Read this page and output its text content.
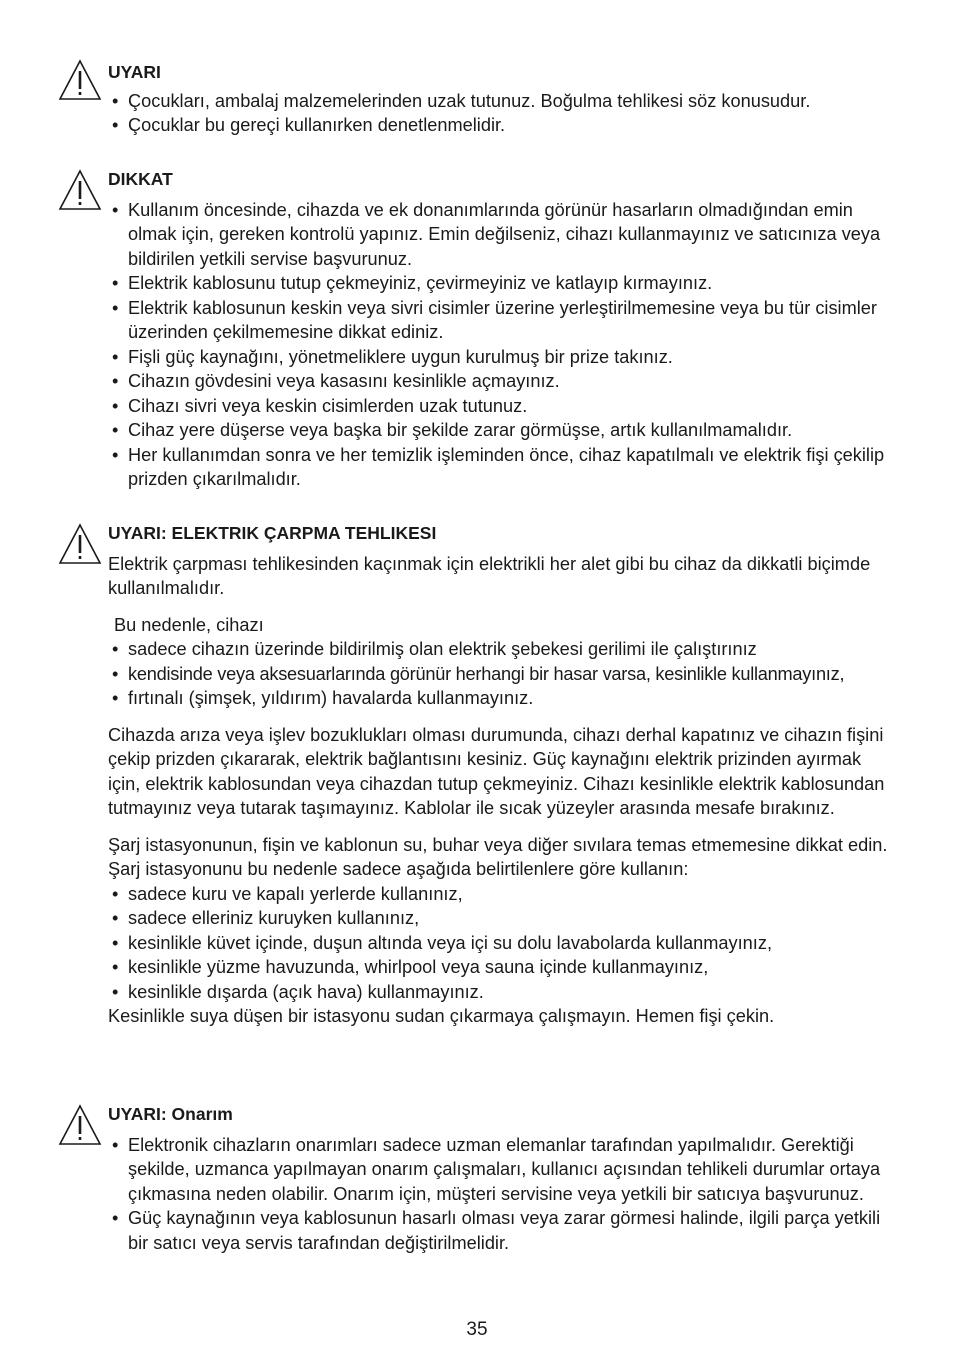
UYARI
• Çocukları, ambalaj malzemelerinden uzak tutunuz. Boğulma tehlikesi söz konusudur.
• Çocuklar bu gereçi kullanırken denetlenmelidir.
DIKKAT
• Kullanım öncesinde, cihazda ve ek donanımlarında görünür hasarların olmadığından emin olmak için, gereken kontrolü yapınız. Emin değilseniz, cihazı kullanmayınız ve satıcınıza veya bildirilen yetkili servise başvurunuz.
• Elektrik kablosunu tutup çekmeyiniz, çevirmeyiniz ve katlayıp kırmayınız.
• Elektrik kablosunun keskin veya sivri cisimler üzerine yerleştirilmemesine veya bu tür cisimler üzerinden çekilmemesine dikkat ediniz.
• Fişli güç kaynağını, yönetmeliklere uygun kurulmuş bir prize takınız.
• Cihazın gövdesini veya kasasını kesinlikle açmayınız.
• Cihazı sivri veya keskin cisimlerden uzak tutunuz.
• Cihaz yere düşerse veya başka bir şekilde zarar görmüşse, artık kullanılmamalıdır.
• Her kullanımdan sonra ve her temizlik işleminden önce, cihaz kapatılmalı ve elektrik fişi çekilip prizden çıkarılmalıdır.
UYARI: ELEKTRIK ÇARPMA TEHLIKESI

Elektrik çarpması tehlikesinden kaçınmak için elektrikli her alet gibi bu cihaz da dikkatli biçimde kullanılmalıdır.

Bu nedenle, cihazı

• sadece cihazın üzerinde bildirilmiş olan elektrik şebekesi gerilimi ile çalıştırınız
• kendisinde veya aksesuarlarında görünür herhangi bir hasar varsa, kesinlikle kullanmayınız,
• fırtınalı (şimşek, yıldırım) havalarda kullanmayınız.

Cihazda arıza veya işlev bozuklukları olması durumunda, cihazı derhal kapatınız ve cihazın fişini çekip prizden çıkararak, elektrik bağlantısını kesiniz. Güç kaynağını elektrik prizinden ayırmak için, elektrik kablosundan veya cihazdan tutup çekmeyiniz. Cihazı kesinlikle elektrik kablosundan tutmayınız veya tutarak taşımayınız. Kablolar ile sıcak yüzeyler arasında mesafe bırakınız.

Şarj istasyonunun, fişin ve kablonun su, buhar veya diğer sıvılara temas etmemesine dikkat edin.

Şarj istasyonunu bu nedenle sadece aşağıda belirtilenlere göre kullanın:

• sadece kuru ve kapalı yerlerde kullanınız,
• sadece elleriniz kuruyken kullanınız,
• kesinlikle küvet içinde, duşun altında veya içi su dolu lavabolarda kullanmayınız,
• kesinlikle yüzme havuzunda, whirlpool veya sauna içinde kullanmayınız,
• kesinlikle dışarda (açık hava) kullanmayınız.

Kesinlikle suya düşen bir istasyonu sudan çıkarmaya çalışmayın. Hemen fişi çekin.

UYARI: Onarım
• Elektronik cihazların onarımları sadece uzman elemanlar tarafından yapılmalıdır. Gerektiği şekilde, uzmanca yapılmayan onarım çalışmaları, kullanıcı açısından tehlikeli durumlar ortaya çıkmasına neden olabilir. Onarım için, müşteri servisine veya yetkili bir satıcıya başvurunuz.
• Güç kaynağının veya kablosunun hasarlı olması veya zarar görmesi halinde, ilgili parça yetkili bir satıcı veya servis tarafından değiştirilmelidir.
35
